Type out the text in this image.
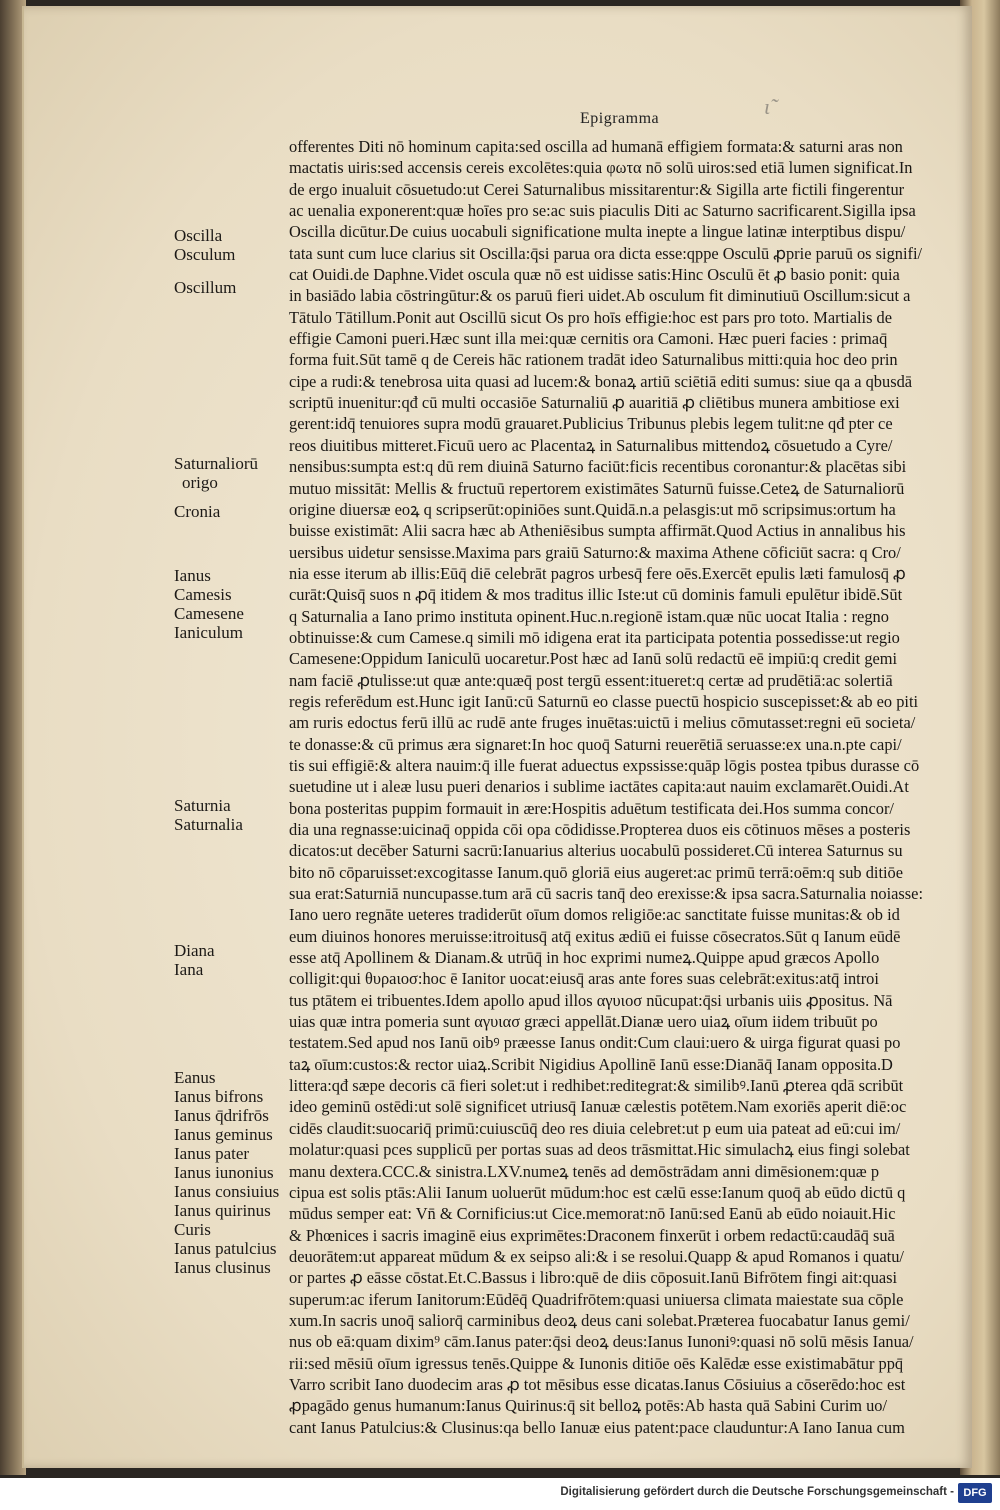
Epigramma	ɩ̃
Oscilla
Osculum
Oscillum
Saturnaliorū
origo
Cronia
Ianus
Camesis
Camesene
Ianiculum
Saturnia
Saturnalia
Diana
Iana
Eanus
Ianus bifrons
Ianus q̄drifrōs
Ianus geminus
Ianus pater
Ianus iunonius
Ianus consiuius
Ianus quirinus
Curis
Ianus patulcius
Ianus clusinus
offerentes Diti nō hominum capita:sed oscilla ad humanā effigiem formata:& saturni aras non
mactatis uiris:sed accensis cereis excolētes:quia φωτα nō solū uiros:sed etiā lumen significat.In
de ergo inualuit cōsuetudo:ut Cerei Saturnalibus missitarentur:& Sigilla arte fictili fingerentur
ac uenalia exponerent:quæ hoīes pro se:ac suis piaculis Diti ac Saturno sacrificarent.Sigilla ipsa
Oscilla dicūtur.De cuius uocabuli significatione multa inepte a lingue latinæ interptibus dispu/
tata sunt cum luce clarius sit Oscilla:q̄si parua ora dicta esse:qppe Osculū ꝓprie paruū os signifi/
cat Ouidi.de Daphne.Videt oscula quæ nō est uidisse satis:Hinc Osculū ēt ꝓ basio ponit: quia
in basiādo labia cōstringūtur:& os paruū fieri uidet.Ab osculum fit diminutiuū Oscillum:sicut a
Tātulo Tātillum.Ponit aut Oscillū sicut Os pro hoīs effigie:hoc est pars pro toto. Martialis de
effigie Camoni pueri.Hæc sunt illa mei:quæ cernitis ora Camoni. Hæc pueri facies : primaq̄
forma fuit.Sūt tamē q de Cereis hāc rationem tradāt ideo Saturnalibus mitti:quia hoc deo prin
cipe a rudi:& tenebrosa uita quasi ad lucem:& bonaꝝ artiū sciētiā editi sumus: siue qa a qbusdā
scriptū inuenitur:qđ cū multi occasiōe Saturnaliū ꝓ auaritiā ꝓ cliētibus munera ambitiose exi
gerent:idq̄ tenuiores supra modū grauaret.Publicius Tribunus plebis legem tulit:ne qđ pter ce
reos diuitibus mitteret.Ficuū uero ac Placentaꝝ in Saturnalibus mittendoꝝ cōsuetudo a Cyre/
nensibus:sumpta est:q dū rem diuinā Saturno faciūt:ficis recentibus coronantur:& placētas sibi
mutuo missitāt: Mellis & fructuū repertorem existimātes Saturnū fuisse.Ceteꝝ de Saturnaliorū
origine diuersæ eoꝝ q scripserūt:opiniōes sunt.Quidā.n.a pelasgis:ut mō scripsimus:ortum ha
buisse existimāt: Alii sacra hæc ab Atheniēsibus sumpta affirmāt.Quod Actius in annalibus his
uersibus uidetur sensisse.Maxima pars graiū Saturno:& maxima Athene cōficiūt sacra: q Cro/
nia esse iterum ab illis:Eūq̄ diē celebrāt pagros urbesq̄ fere oēs.Exercēt epulis læti famulosq̄ ꝓ
curāt:Quisq̄ suos n ꝓq̄ itidem & mos traditus illic Iste:ut cū dominis famuli epulētur ibidē.Sūt
q Saturnalia a Iano primo instituta opinent.Huc.n.regionē istam.quæ nūc uocat Italia : regno
obtinuisse:& cum Camese.q simili mō idigena erat ita participata potentia possedisse:ut regio
Camesene:Oppidum Ianiculū uocaretur.Post hæc ad Ianū solū redactū eē impiū:q credit gemi
nam faciē ꝓtulisse:ut quæ ante:quæq̄ post tergū essent:itueret:q certæ ad prudētiā:ac solertiā
regis referēdum est.Hunc igit Ianū:cū Saturnū eo classe puectū hospicio suscepisset:& ab eo piti
am ruris edoctus ferū illū ac rudē ante fruges inuētas:uictū i melius cōmutasset:regni eū societa/
te donasse:& cū primus æra signaret:In hoc quoq̄ Saturni reuerētiā seruasse:ex una.n.pte capi/
tis sui effigiē:& altera nauim:q̄ ille fuerat aduectus expssisse:quāp lōgis postea tpibus durasse cō
suetudine ut i aleæ lusu pueri denarios i sublime iactātes capita:aut nauim exclamarēt.Ouidi.At
bona posteritas puppim formauit in ære:Hospitis aduētum testificata dei.Hos summa concor/
dia una regnasse:uicinaq̄ oppida cōi opa cōdidisse.Propterea duos eis cōtinuos mēses a posteris
dicatos:ut decēber Saturni sacrū:Ianuarius alterius uocabulū possideret.Cū interea Saturnus su
bito nō cōparuisset:excogitasse Ianum.quō gloriā eius augeret:ac primū terrā:oēm:q sub ditiōe
sua erat:Saturniā nuncupasse.tum arā cū sacris tanq̄ deo erexisse:& ipsa sacra.Saturnalia noiasse:
Iano uero regnāte ueteres tradiderūt oīum domos religiōe:ac sanctitate fuisse munitas:& ob id
eum diuinos honores meruisse:itroitusq̄ atq̄ exitus ædiū ei fuisse cōsecratos.Sūt q Ianum eūdē
esse atq̄ Apollinem & Dianam.& utrūq̄ in hoc exprimi numeꝝ.Quippe apud græcos Apollo
colligit:qui θυρaιοσ:hoc ē Ianitor uocat:eiusq̄ aras ante fores suas celebrāt:exitus:atq̄ introi
tus ptātem ei tribuentes.Idem apollo apud illos αγυιοσ nūcupat:q̄si urbanis uiis ꝓpositus. Nā
uias quæ intra pomeria sunt αγυιασ græci appellāt.Dianæ uero uiaꝝ oīum iidem tribuūt po
testatem.Sed apud nos Ianū oibꝰ præesse Ianus ondit:Cum claui:uero & uirga figurat quasi po
taꝝ oīum:custos:& rector uiaꝝ.Scribit Nigidius Apollinē Ianū esse:Dianāq̄ Ianam opposita.D
littera:qđ sæpe decoris cā fieri solet:ut i redhibet:reditegrat:& similibꝰ.Ianū ꝓterea qdā scribūt
ideo geminū ostēdi:ut solē significet utriusq̄ Ianuæ cælestis potētem.Nam exoriēs aperit diē:oc
cidēs claudit:suocariq̄ primū:cuiuscūq̄ deo res diuia celebret:ut p eum uia pateat ad eū:cui im/
molatur:quasi pces supplicū per portas suas ad deos trāsmittat.Hic simulachꝝ eius fingi solebat
manu dextera.CCC.& sinistra.LXV.numeꝝ tenēs ad demōstrādam anni dimēsionem:quæ p
cipua est solis ptās:Alii Ianum uoluerūt mūdum:hoc est cælū esse:Ianum quoq̄ ab eūdo dictū q
mūdus semper eat: Vn̄ & Cornificius:ut Cice.memorat:nō Ianū:sed Eanū ab eūdo noiauit.Hic
& Phœnices i sacris imaginē eius exprimētes:Draconem finxerūt i orbem redactū:caudāq̄ suā
deuorātem:ut appareat mūdum & ex seipso ali:& i se resolui.Quapp & apud Romanos i quatu/
or partes ꝓ eāsse cōstat.Et.C.Bassus i libro:quē de diis cōposuit.Ianū Bifrōtem fingi ait:quasi
superum:ac iferum Ianitorum:Eūdēq̄ Quadrifrōtem:quasi uniuersa climata maiestate sua cōple
xum.In sacris unoq̄ saliorq̄ carminibus deoꝝ deus cani solebat.Præterea fuocabatur Ianus gemi/
nus ob eā:quam dixim⁹ cām.Ianus pater:q̄si deoꝝ deus:Ianus Iunoniꝰ:quasi nō solū mēsis Ianua/
rii:sed mēsiū oīum igressus tenēs.Quippe & Iunonis ditiōe oēs Kalēdæ esse existimabātur ppq̄
Varro scribit Iano duodecim aras ꝓ tot mēsibus esse dicatas.Ianus Cōsiuius a cōserēdo:hoc est
ꝓpagādo genus humanum:Ianus Quirinus:q̄ sit belloꝝ potēs:Ab hasta quā Sabini Curim uo/
cant Ianus Patulcius:& Clusinus:qa bello Ianuæ eius patent:pace clauduntur:A Iano Ianua cum
Digitalisierung gefördert durch die Deutsche Forschungsgemeinschaft - DFG
